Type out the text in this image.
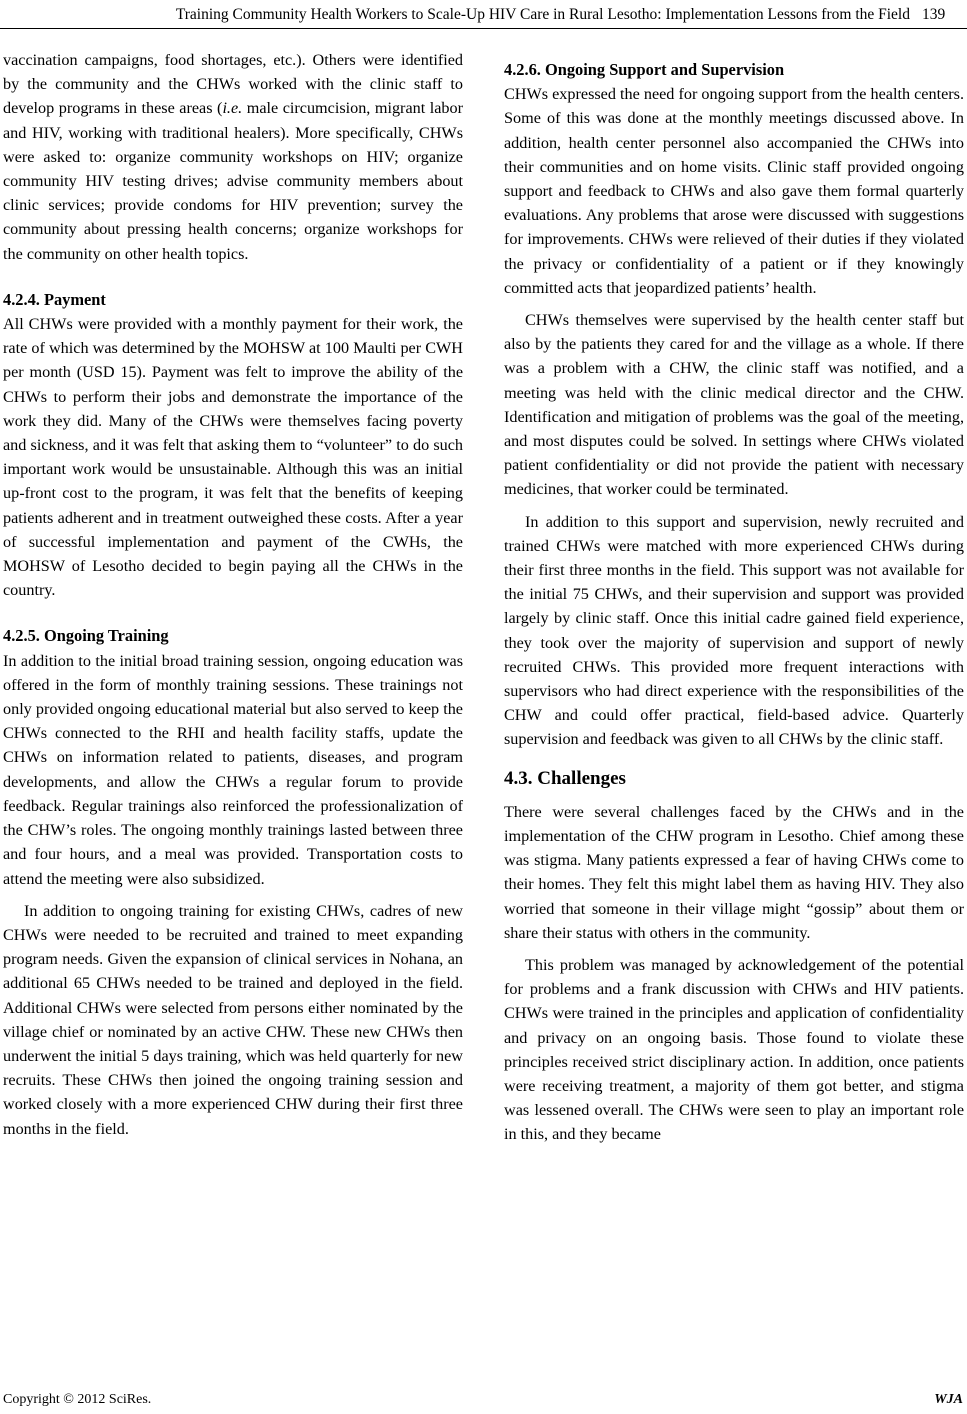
Training Community Health Workers to Scale-Up HIV Care in Rural Lesotho: Implementation Lessons from the Field 139

vaccination campaigns, food shortages, etc.). Others were identified by the community and the CHWs worked with the clinic staff to develop programs in these areas (i.e. male circumcision, migrant labor and HIV, working with traditional healers). More specifically, CHWs were asked to: organize community workshops on HIV; organize community HIV testing drives; advise community members about clinic services; provide condoms for HIV prevention; survey the community about pressing health concerns; organize workshops for the community on other health topics.

4.2.4. Payment

All CHWs were provided with a monthly payment for their work, the rate of which was determined by the MOHSW at 100 Maulti per CWH per month (USD 15). Payment was felt to improve the ability of the CHWs to perform their jobs and demonstrate the importance of the work they did. Many of the CHWs were themselves facing poverty and sickness, and it was felt that asking them to “volunteer” to do such important work would be unsustainable. Although this was an initial up-front cost to the program, it was felt that the benefits of keeping patients adherent and in treatment outweighed these costs. After a year of successful implementation and payment of the CWHs, the MOHSW of Lesotho decided to begin paying all the CHWs in the country.

4.2.5. Ongoing Training

In addition to the initial broad training session, ongoing education was offered in the form of monthly training sessions. These trainings not only provided ongoing educational material but also served to keep the CHWs connected to the RHI and health facility staffs, update the CHWs on information related to patients, diseases, and program developments, and allow the CHWs a regular forum to provide feedback. Regular trainings also reinforced the professionalization of the CHW’s roles. The ongoing monthly trainings lasted between three and four hours, and a meal was provided. Transportation costs to attend the meeting were also subsidized.

In addition to ongoing training for existing CHWs, cadres of new CHWs were needed to be recruited and trained to meet expanding program needs. Given the expansion of clinical services in Nohana, an additional 65 CHWs needed to be trained and deployed in the field. Additional CHWs were selected from persons either nominated by the village chief or nominated by an active CHW. These new CHWs then underwent the initial 5 days training, which was held quarterly for new recruits. These CHWs then joined the ongoing training session and worked closely with a more experienced CHW during their first three months in the field.

4.2.6. Ongoing Support and Supervision

CHWs expressed the need for ongoing support from the health centers. Some of this was done at the monthly meetings discussed above. In addition, health center personnel also accompanied the CHWs into their communities and on home visits. Clinic staff provided ongoing support and feedback to CHWs and also gave them formal quarterly evaluations. Any problems that arose were discussed with suggestions for improvements. CHWs were relieved of their duties if they violated the privacy or confidentiality of a patient or if they knowingly committed acts that jeopardized patients’ health.

CHWs themselves were supervised by the health center staff but also by the patients they cared for and the village as a whole. If there was a problem with a CHW, the clinic staff was notified, and a meeting was held with the clinic medical director and the CHW. Identification and mitigation of problems was the goal of the meeting, and most disputes could be solved. In settings where CHWs violated patient confidentiality or did not provide the patient with necessary medicines, that worker could be terminated.

In addition to this support and supervision, newly recruited and trained CHWs were matched with more experienced CHWs during their first three months in the field. This support was not available for the initial 75 CHWs, and their supervision and support was provided largely by clinic staff. Once this initial cadre gained field experience, they took over the majority of supervision and support of newly recruited CHWs. This provided more frequent interactions with supervisors who had direct experience with the responsibilities of the CHW and could offer practical, field-based advice. Quarterly supervision and feedback was given to all CHWs by the clinic staff.

4.3. Challenges

There were several challenges faced by the CHWs and in the implementation of the CHW program in Lesotho. Chief among these was stigma. Many patients expressed a fear of having CHWs come to their homes. They felt this might label them as having HIV. They also worried that someone in their village might “gossip” about them or share their status with others in the community.

This problem was managed by acknowledgement of the potential for problems and a frank discussion with CHWs and HIV patients. CHWs were trained in the principles and application of confidentiality and privacy on an ongoing basis. Those found to violate these principles received strict disciplinary action. In addition, once patients were receiving treatment, a majority of them got better, and stigma was lessened overall. The CHWs were seen to play an important role in this, and they became

Copyright © 2012 SciRes.	WJA
